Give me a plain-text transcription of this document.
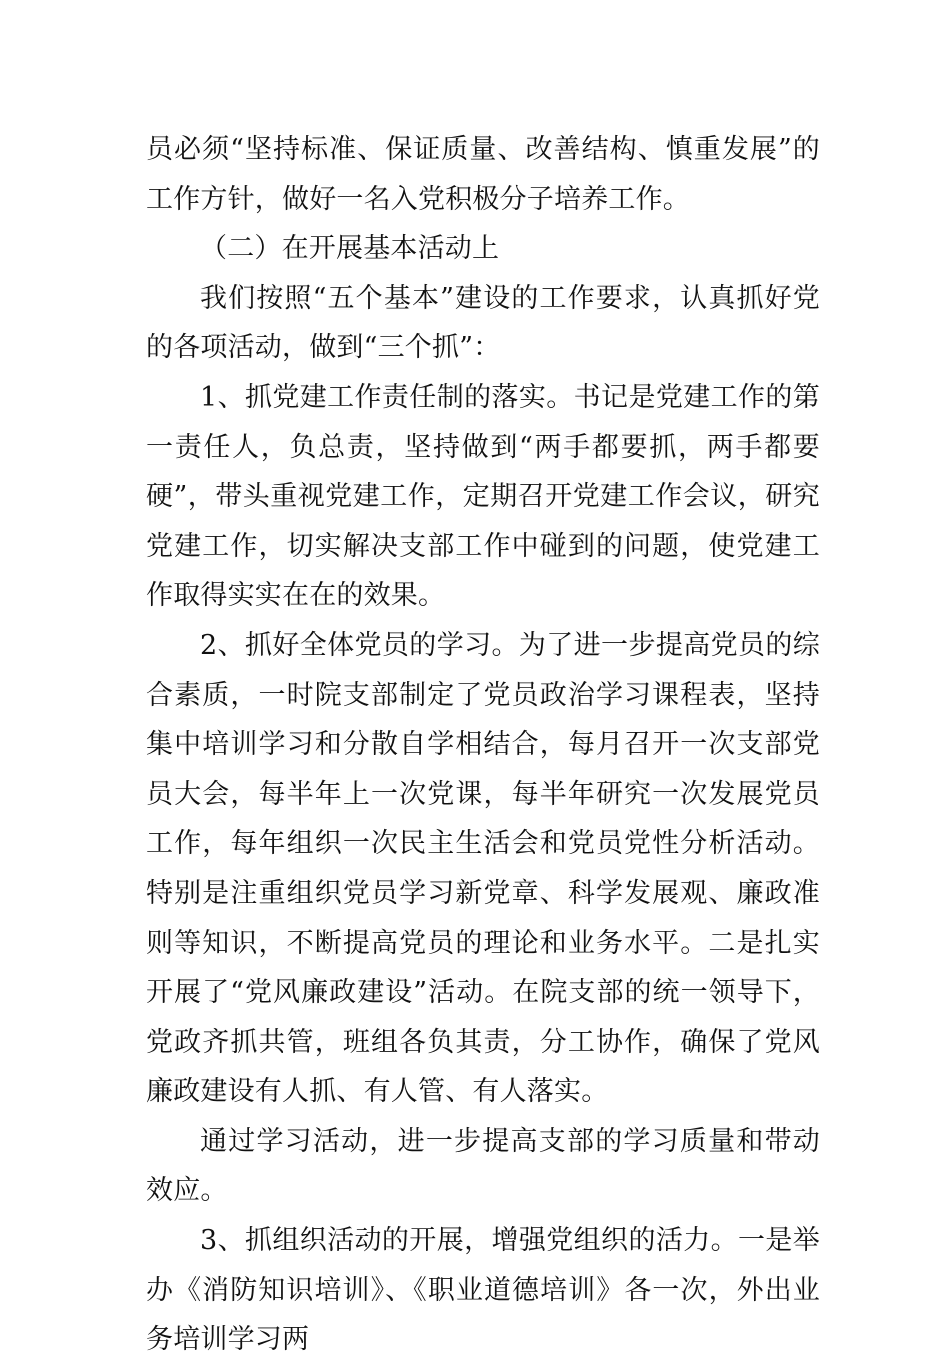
员必须“坚持标准、保证质量、改善结构、慎重发展”的工作方针，做好一名入党积极分子培养工作。

（二）在开展基本活动上

我们按照“五个基本”建设的工作要求，认真抓好党的各项活动，做到“三个抓”：

1、抓党建工作责任制的落实。书记是党建工作的第一责任人，负总责，坚持做到“两手都要抓，两手都要硬”，带头重视党建工作，定期召开党建工作会议，研究党建工作，切实解决支部工作中碰到的问题，使党建工作取得实实在在的效果。

2、抓好全体党员的学习。为了进一步提高党员的综合素质，一时院支部制定了党员政治学习课程表，坚持集中培训学习和分散自学相结合，每月召开一次支部党员大会，每半年上一次党课，每半年研究一次发展党员工作，每年组织一次民主生活会和党员党性分析活动。特别是注重组织党员学习新党章、科学发展观、廉政准则等知识，不断提高党员的理论和业务水平。二是扎实开展了“党风廉政建设”活动。在院支部的统一领导下，党政齐抓共管，班组各负其责，分工协作，确保了党风廉政建设有人抓、有人管、有人落实。

通过学习活动，进一步提高支部的学习质量和带动效应。

3、抓组织活动的开展，增强党组织的活力。一是举办《消防知识培训》、《职业道德培训》各一次，外出业务培训学习两
